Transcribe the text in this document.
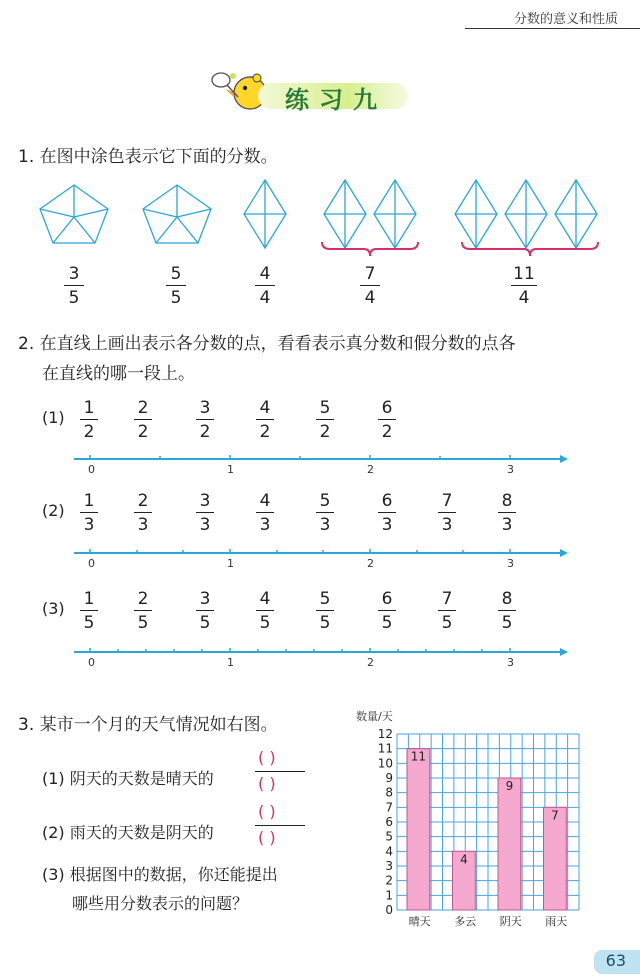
分数的意义和性质
练习九
1. 在图中涂色表示它下面的分数。
3
5
5
5
4
4
7
4
11
4
2. 在直线上画出表示各分数的点，看看表示真分数和假分数的点各
在直线的哪一段上。
(1) 1
2
2
2
3
2
4
2
5
2
6
2
0	1	2	3
(2) 1
3
2
3
3
3
4
3
5
3
6
3
7
3
8
3
0	1	2	3
(3) 1
5
2
5
3
5
4
5
5
5
6
5
7
5
8
5
0	1	2	3
3. 某市一个月的天气情况如右图。
(1) 阴天的天数是晴天的
( )
( )
(2) 雨天的天数是阴天的
( )
( )
(3) 根据图中的数据，你还能提出
哪些用分数表示的问题？
数量/天
0
1
2
3
4
5
6
7
8
9
10
11
12
11
晴天
4
多云
9
阴天
7
雨天
63
